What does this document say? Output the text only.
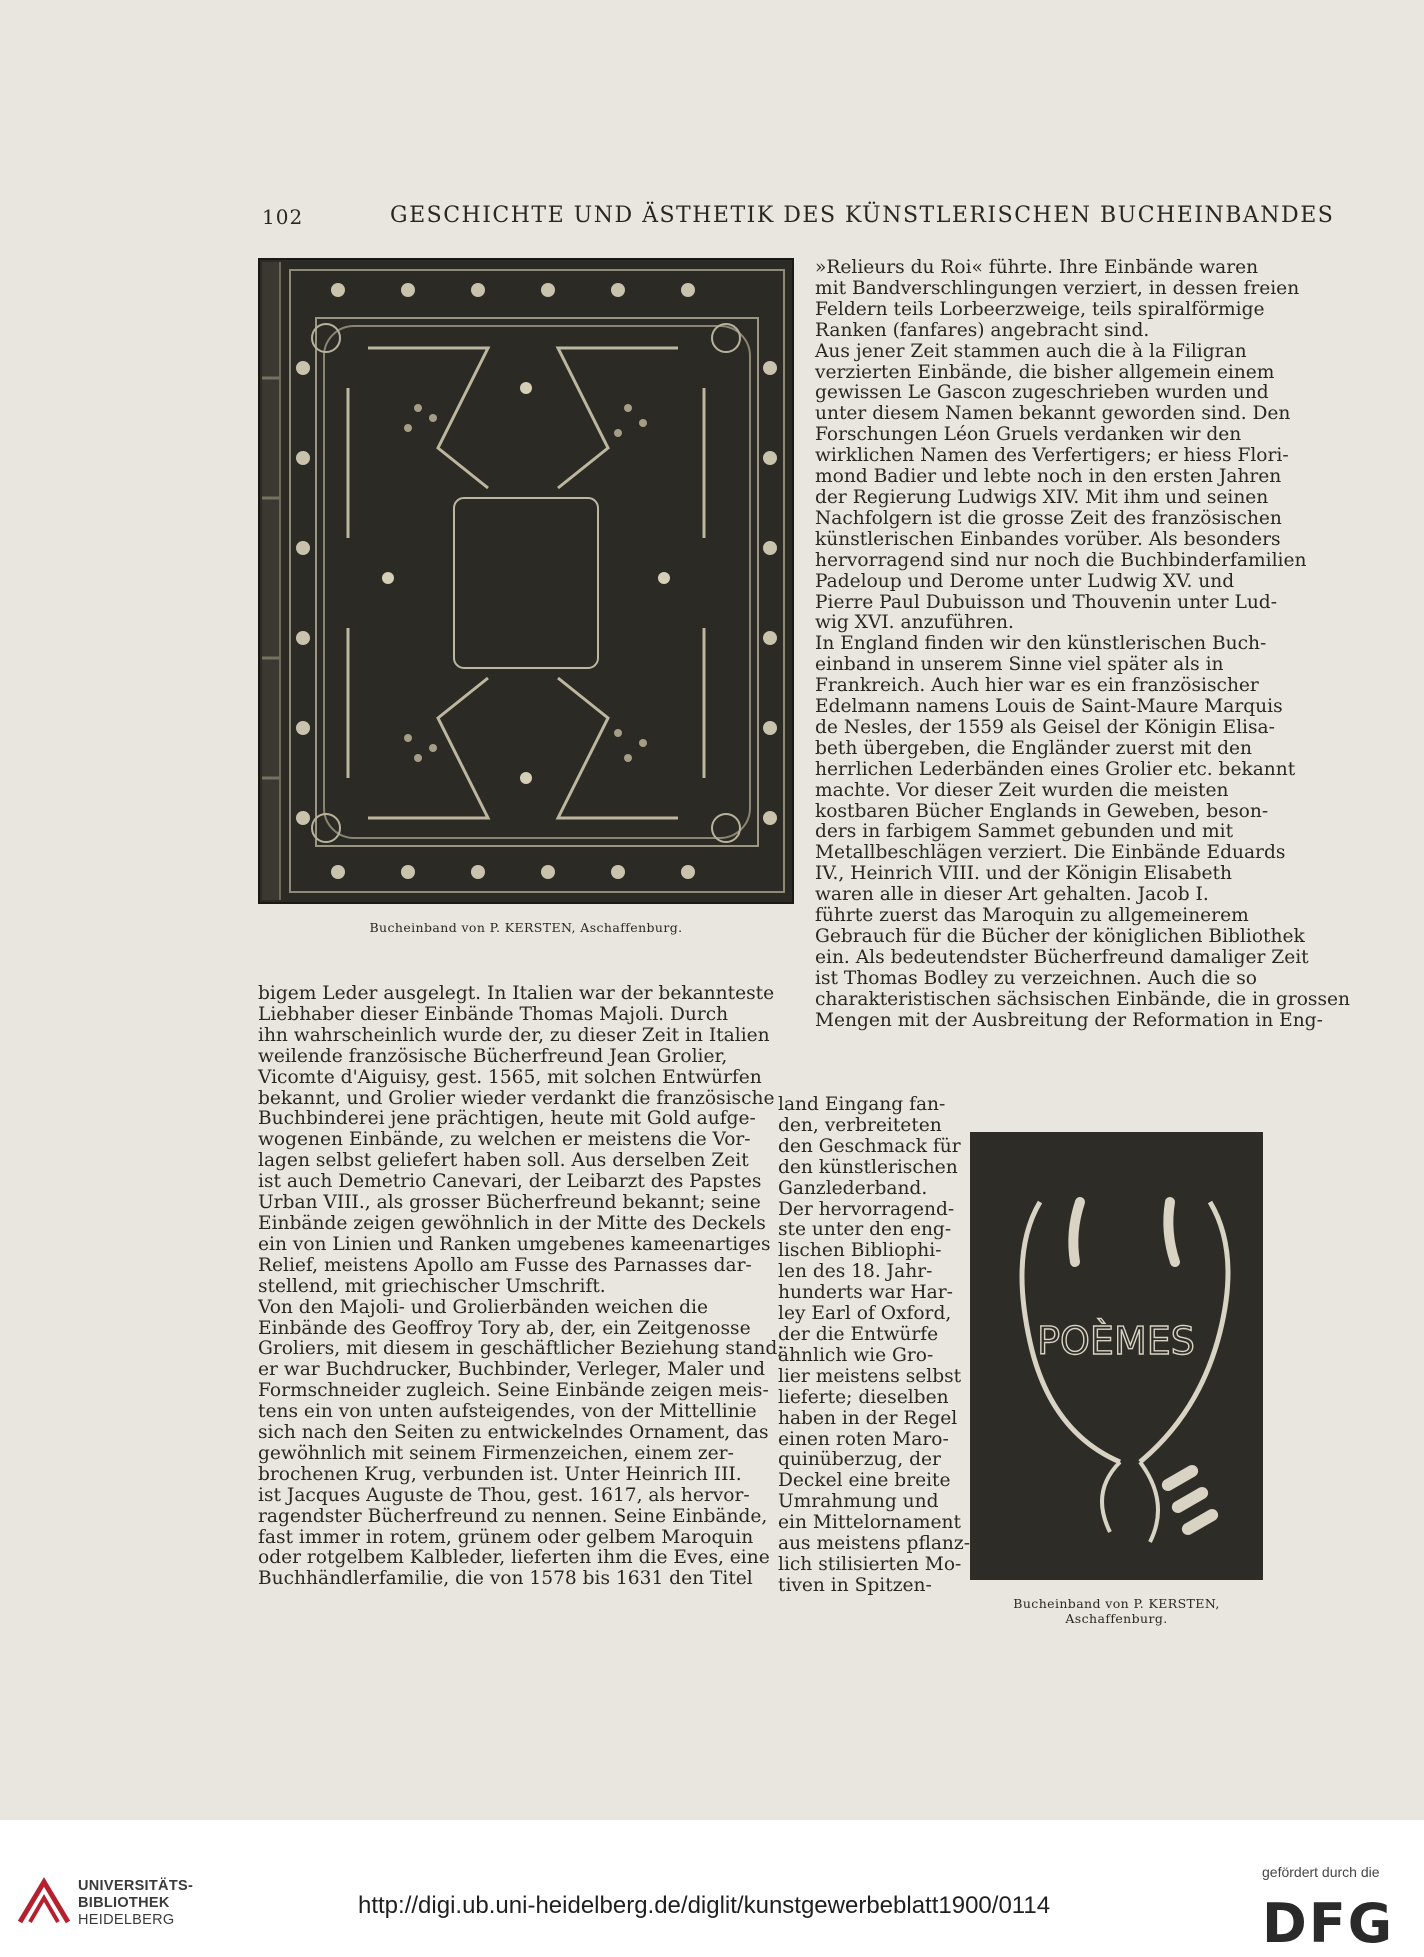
102	GESCHICHTE UND ÄSTHETIK DES KÜNSTLERISCHEN BUCHEINBANDES
Bucheinband von P. KERSTEN, Aschaffenburg.
»Relieurs du Roi« führte. Ihre Einbände waren
mit Bandverschlingungen verziert, in dessen freien
Feldern teils Lorbeerzweige, teils spiralförmige
Ranken (fanfares) angebracht sind.
Aus jener Zeit stammen auch die à la Filigran
verzierten Einbände, die bisher allgemein einem
gewissen Le Gascon zugeschrieben wurden und
unter diesem Namen bekannt geworden sind. Den
Forschungen Léon Gruels verdanken wir den
wirklichen Namen des Verfertigers; er hiess Flori-
mond Badier und lebte noch in den ersten Jahren
der Regierung Ludwigs XIV. Mit ihm und seinen
Nachfolgern ist die grosse Zeit des französischen
künstlerischen Einbandes vorüber. Als besonders
hervorragend sind nur noch die Buchbinderfamilien
Padeloup und Derome unter Ludwig XV. und
Pierre Paul Dubuisson und Thouvenin unter Lud-
wig XVI. anzuführen.
In England finden wir den künstlerischen Buch-
einband in unserem Sinne viel später als in
Frankreich. Auch hier war es ein französischer
Edelmann namens Louis de Saint-Maure Marquis
de Nesles, der 1559 als Geisel der Königin Elisa-
beth übergeben, die Engländer zuerst mit den
herrlichen Lederbänden eines Grolier etc. bekannt
machte. Vor dieser Zeit wurden die meisten
kostbaren Bücher Englands in Geweben, beson-
ders in farbigem Sammet gebunden und mit
Metallbeschlägen verziert. Die Einbände Eduards
IV., Heinrich VIII. und der Königin Elisabeth
waren alle in dieser Art gehalten. Jacob I.
führte zuerst das Maroquin zu allgemeinerem
Gebrauch für die Bücher der königlichen Bibliothek
ein. Als bedeutendster Bücherfreund damaliger Zeit
ist Thomas Bodley zu verzeichnen. Auch die so
charakteristischen sächsischen Einbände, die in grossen
Mengen mit der Ausbreitung der Reformation in Eng-
bigem Leder ausgelegt. In Italien war der bekannteste
Liebhaber dieser Einbände Thomas Majoli. Durch
ihn wahrscheinlich wurde der, zu dieser Zeit in Italien
weilende französische Bücherfreund Jean Grolier,
Vicomte d'Aiguisy, gest. 1565, mit solchen Entwürfen
bekannt, und Grolier wieder verdankt die französische
Buchbinderei jene prächtigen, heute mit Gold aufge-
wogenen Einbände, zu welchen er meistens die Vor-
lagen selbst geliefert haben soll. Aus derselben Zeit
ist auch Demetrio Canevari, der Leibarzt des Papstes
Urban VIII., als grosser Bücherfreund bekannt; seine
Einbände zeigen gewöhnlich in der Mitte des Deckels
ein von Linien und Ranken umgebenes kameenartiges
Relief, meistens Apollo am Fusse des Parnasses dar-
stellend, mit griechischer Umschrift.
Von den Majoli- und Grolierbänden weichen die
Einbände des Geoffroy Tory ab, der, ein Zeitgenosse
Groliers, mit diesem in geschäftlicher Beziehung stand;
er war Buchdrucker, Buchbinder, Verleger, Maler und
Formschneider zugleich. Seine Einbände zeigen meis-
tens ein von unten aufsteigendes, von der Mittellinie
sich nach den Seiten zu entwickelndes Ornament, das
gewöhnlich mit seinem Firmenzeichen, einem zer-
brochenen Krug, verbunden ist. Unter Heinrich III.
ist Jacques Auguste de Thou, gest. 1617, als hervor-
ragendster Bücherfreund zu nennen. Seine Einbände,
fast immer in rotem, grünem oder gelbem Maroquin
oder rotgelbem Kalbleder, lieferten ihm die Eves, eine
Buchhändlerfamilie, die von 1578 bis 1631 den Titel
land Eingang fan-
den, verbreiteten
den Geschmack für
den künstlerischen
Ganzlederband.
Der hervorragend-
ste unter den eng-
lischen Bibliophi-
len des 18. Jahr-
hunderts war Har-
ley Earl of Oxford,
der die Entwürfe
ähnlich wie Gro-
lier meistens selbst
lieferte; dieselben
haben in der Regel
einen roten Maro-
quinüberzug, der
Deckel eine breite
Umrahmung und
ein Mittelornament
aus meistens pflanz-
lich stilisierten Mo-
tiven in Spitzen-
POÈMES
Bucheinband von P. KERSTEN,
Aschaffenburg.
UNIVERSITÄTS-
BIBLIOTHEK
HEIDELBERG
http://digi.ub.uni-heidelberg.de/diglit/kunstgewerbeblatt1900/0114
gefördert durch die
DFG
